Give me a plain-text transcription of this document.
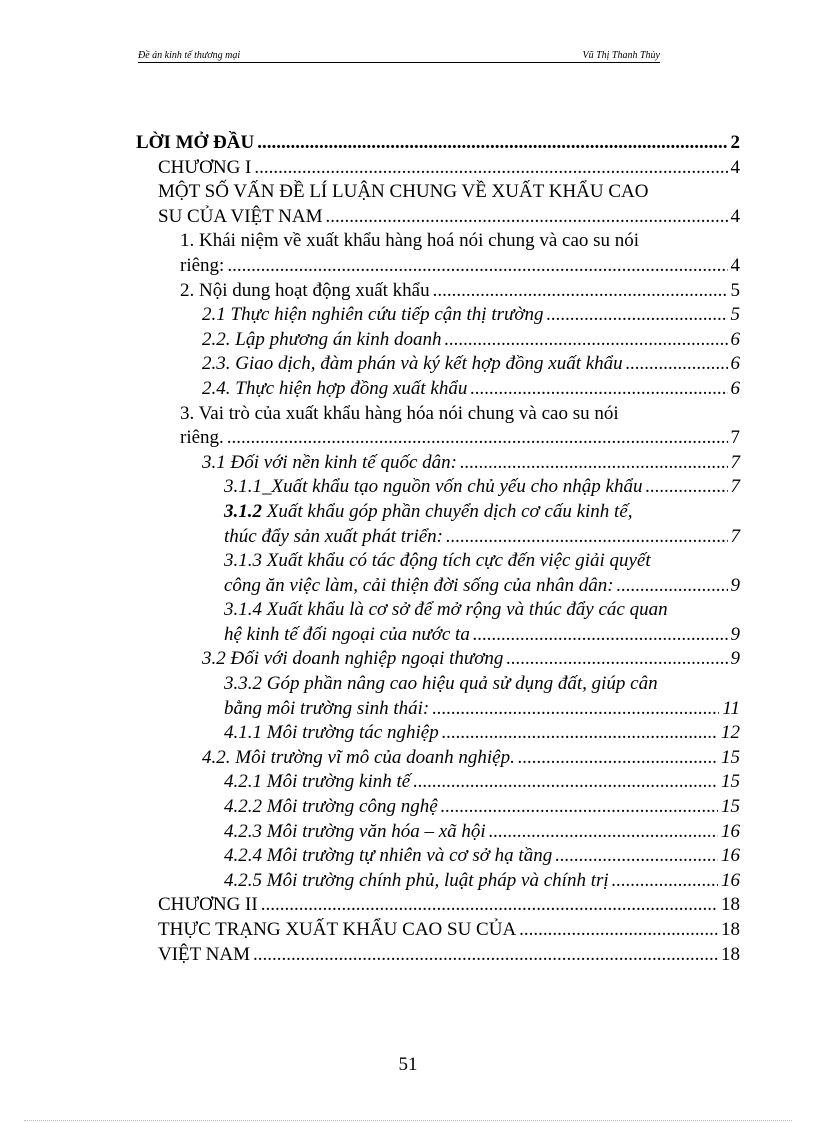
Đề án kinh tế thương mại	Vũ Thị Thanh Thủy
LỜI MỞ ĐẦU .....	2
CHƯƠNG I .....	4
MỘT SỐ VẤN ĐỀ LÍ LUẬN CHUNG VỀ XUẤT KHẨU CAO
SU CỦA VIỆT NAM .....	4
1. Khái niệm về xuất khẩu hàng hoá nói chung và cao su nói
riêng: .....	4
2. Nội dung hoạt động xuất khẩu .....	5
2.1 Thực hiện nghiên cứu tiếp cận thị trường .....	5
2.2. Lập phương án kinh doanh .....	6
2.3. Giao dịch, đàm phán và ký kết hợp đồng xuất khẩu .....	6
2.4. Thực hiện hợp đồng xuất khẩu .....	6
3. Vai trò của xuất khẩu hàng hóa nói chung và cao su nói
riêng. .....	7
3.1 Đối với nền kinh tế quốc dân: .....	7
3.1.1_Xuất khẩu tạo nguồn vốn chủ yếu cho nhập khẩu .....	7
3.1.2 Xuất khẩu góp phần chuyển dịch cơ cấu kinh tế,
thúc đẩy sản xuất phát triển: .....	7
3.1.3 Xuất khẩu có tác động tích cực đến việc giải quyết
công ăn việc làm, cải thiện đời sống của nhân dân: .....	9
3.1.4 Xuất khẩu là cơ sở để mở rộng và thúc đẩy các quan
hệ kinh tế đối ngoại của nước ta .....	9
3.2 Đối với doanh nghiệp ngoại thương .....	9
3.3.2 Góp phần nâng cao hiệu quả sử dụng đất, giúp cân
bằng môi trường sinh thái: .....	11
4.1.1 Môi trường tác nghiệp .....	12
4.2. Môi trường vĩ mô của doanh nghiệp. .....	15
4.2.1 Môi trường kinh tế .....	15
4.2.2 Môi trường công nghệ .....	15
4.2.3 Môi trường văn hóa – xã hội .....	16
4.2.4 Môi trường tự nhiên và cơ sở hạ tầng .....	16
4.2.5 Môi trường chính phủ, luật pháp và chính trị .....	16
CHƯƠNG II .....	18
THỰC TRẠNG XUẤT KHẨU CAO SU CỦA .....	18
VIỆT NAM .....	18
51
